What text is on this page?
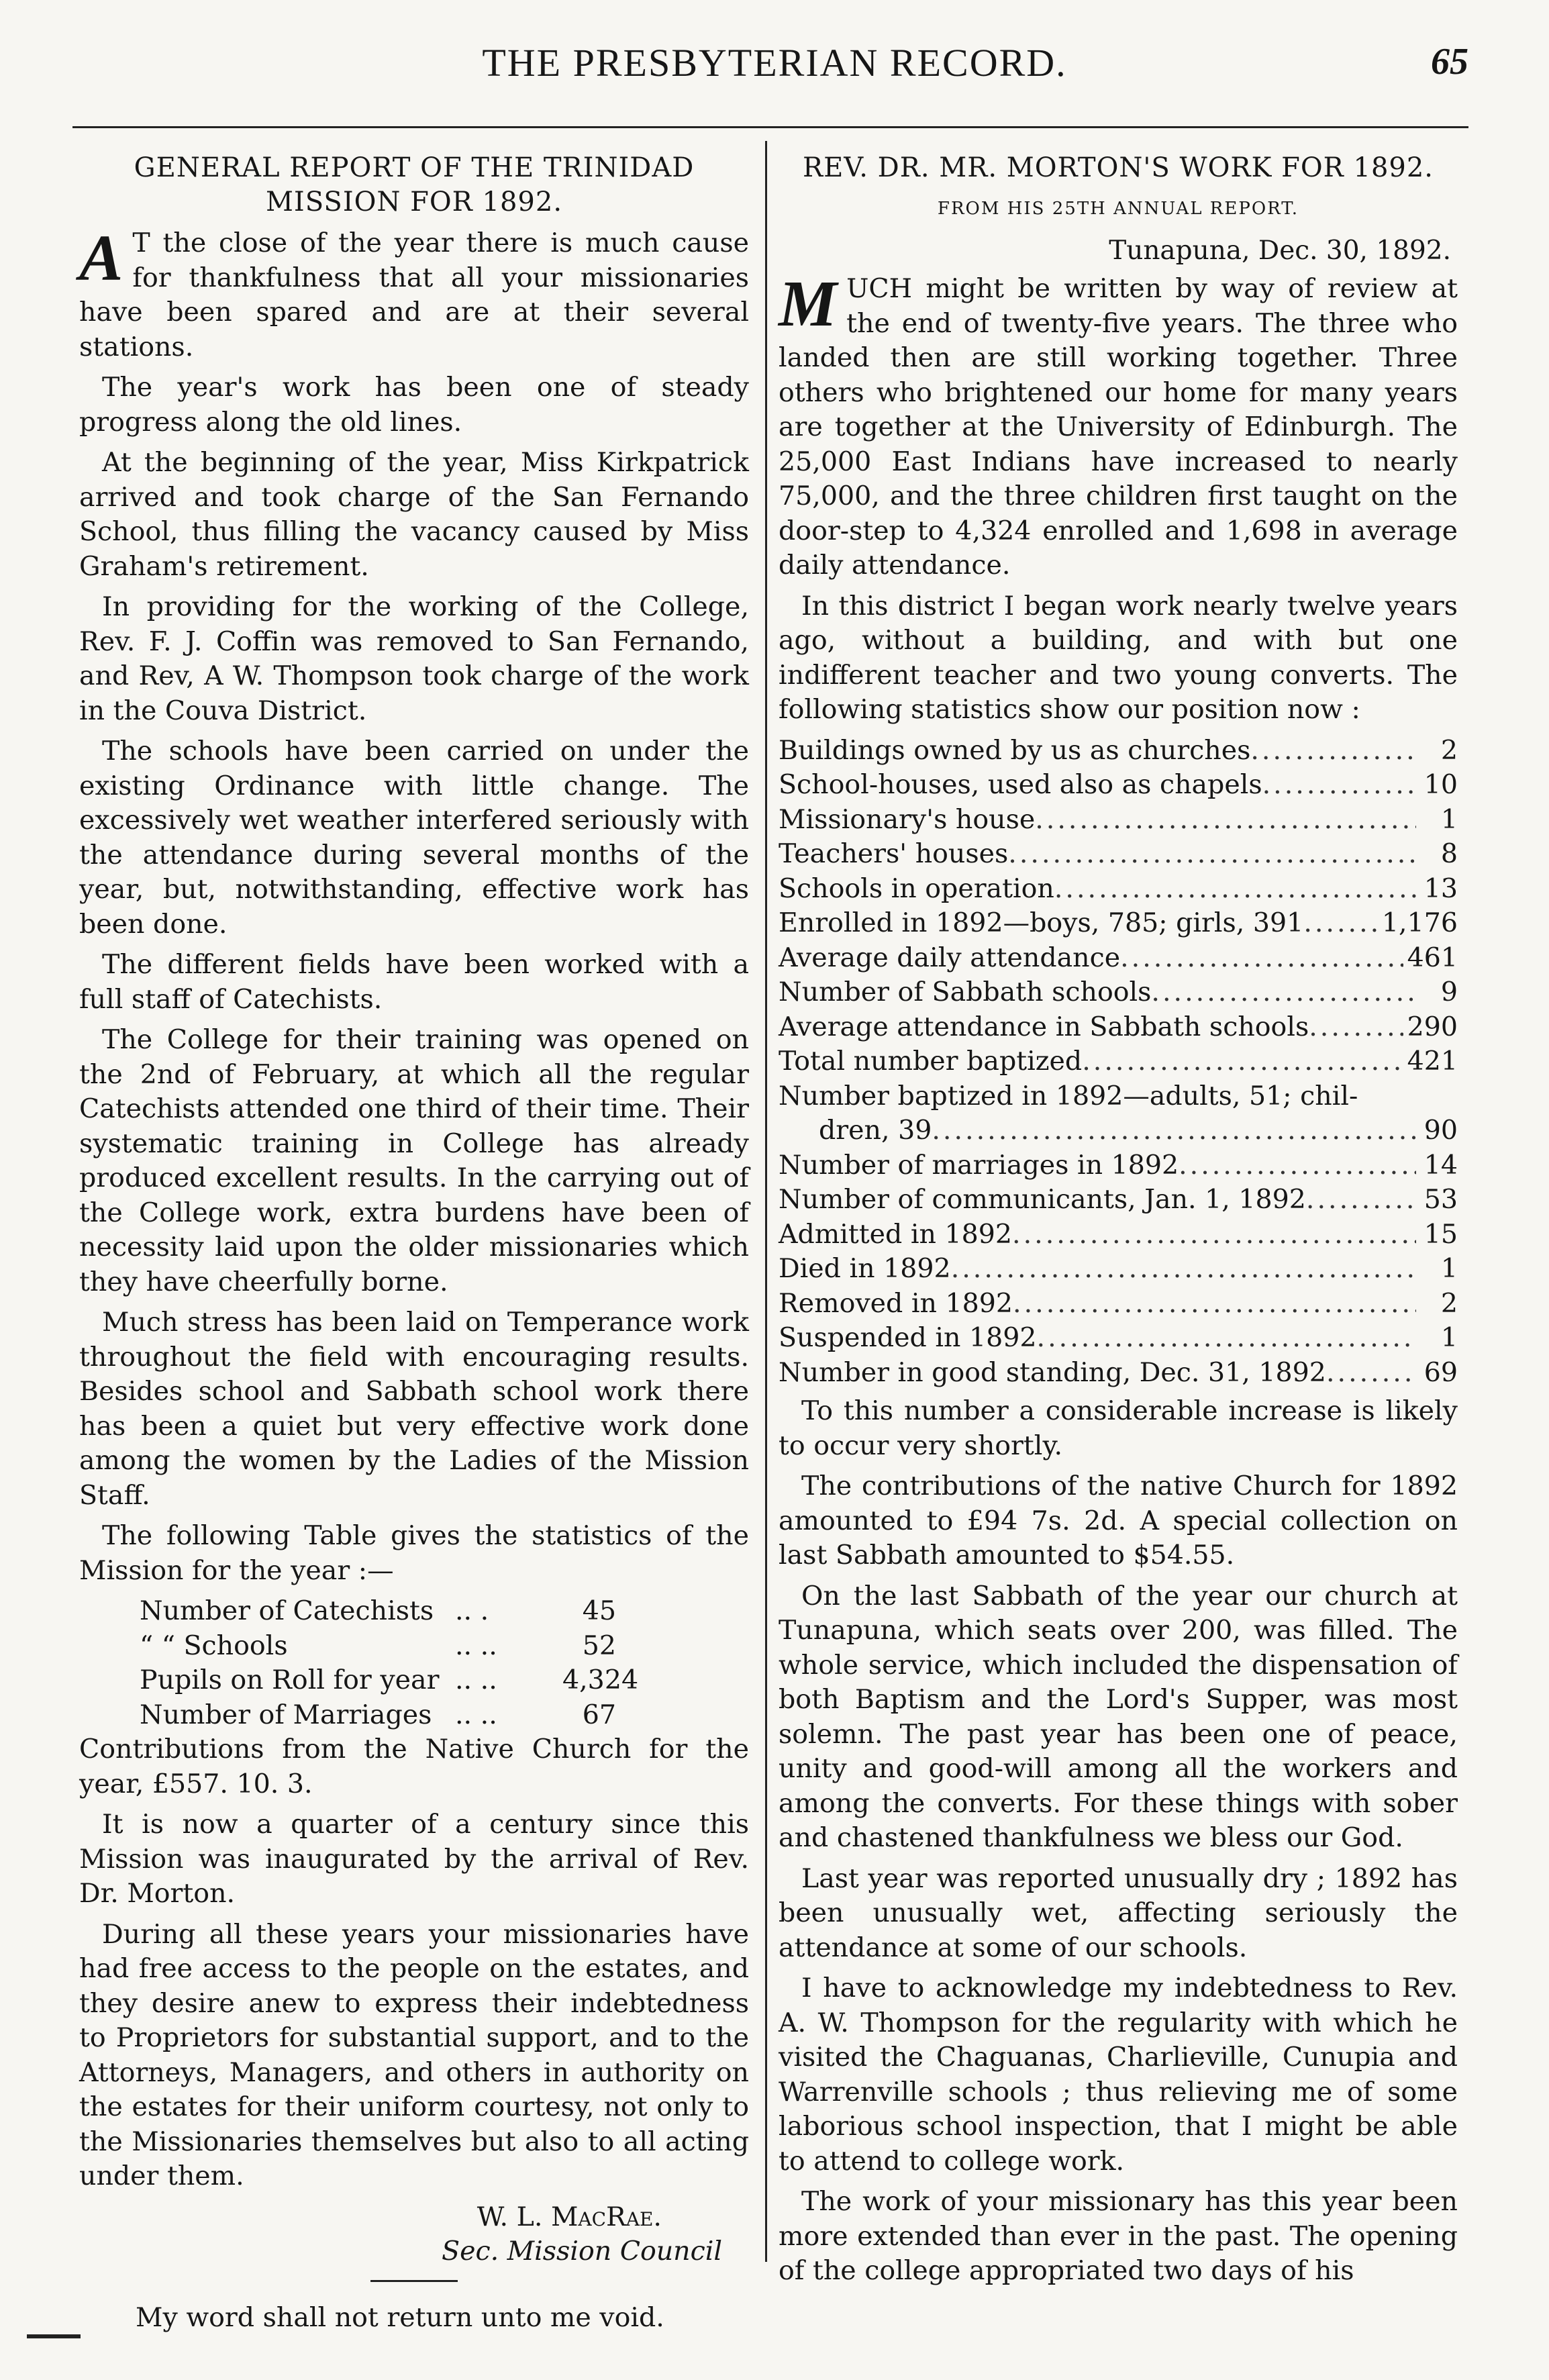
THE PRESBYTERIAN RECORD.	65
GENERAL REPORT OF THE TRINIDAD MISSION FOR 1892.

A T the close of the year there is much cause for thankfulness that all your missionaries have been spared and are at their several stations.

The year's work has been one of steady progress along the old lines.

At the beginning of the year, Miss Kirkpatrick arrived and took charge of the San Fernando School, thus filling the vacancy caused by Miss Graham's retirement.

In providing for the working of the College, Rev. F. J. Coffin was removed to San Fernando, and Rev, A W. Thompson took charge of the work in the Couva District.

The schools have been carried on under the existing Ordinance with little change. The excessively wet weather interfered seriously with the attendance during several months of the year, but, notwithstanding, effective work has been done.

The different fields have been worked with a full staff of Catechists.

The College for their training was opened on the 2nd of February, at which all the regular Catechists attended one third of their time. Their systematic training in College has already produced excellent results. In the carrying out of the College work, extra burdens have been of necessity laid upon the older missionaries which they have cheerfully borne.

Much stress has been laid on Temperance work throughout the field with encouraging results. Besides school and Sabbath school work there has been a quiet but very effective work done among the women by the Ladies of the Mission Staff.

The following Table gives the statistics of the Mission for the year :—

Number of Catechists .. .	45
“ “ Schools	.. ..	52
Pupils on Roll for year .. ..	4,324
Number of Marriages .. ..	67

Contributions from the Native Church for the year, £557. 10. 3.

It is now a quarter of a century since this Mission was inaugurated by the arrival of Rev. Dr. Morton.

During all these years your missionaries have had free access to the people on the estates, and they desire anew to express their indebtedness to Proprietors for substantial support, and to the Attorneys, Managers, and others in authority on the estates for their uniform courtesy, not only to the Missionaries themselves but also to all acting under them.

W. L. MacRae.
Sec. Mission Council

My word shall not return unto me void.

REV. DR. MR. MORTON'S WORK FOR 1892.
FROM HIS 25TH ANNUAL REPORT.
Tunapuna, Dec. 30, 1892.

MUCH might be written by way of review at the end of twenty-five years. The three who landed then are still working together. Three others who brightened our home for many years are together at the University of Edinburgh. The 25,000 East Indians have increased to nearly 75,000, and the three children first taught on the door-step to 4,324 enrolled and 1,698 in average daily attendance.

In this district I began work nearly twelve years ago, without a building, and with but one indifferent teacher and two young converts. The following statistics show our position now :

Buildings owned by us as churches .....	2
School-houses, used also as chapels .....	10
Missionary's house .....	1
Teachers' houses .....	8
Schools in operation .....	13
Enrolled in 1892—boys, 785; girls, 391 .....	1,176
Average daily attendance .....	461
Number of Sabbath schools .....	9
Average attendance in Sabbath schools .....	290
Total number baptized .....	421
Number baptized in 1892—adults, 51; chil-
dren, 39 .....	90
Number of marriages in 1892 .....	14
Number of communicants, Jan. 1, 1892 .....	53
Admitted in 1892 .....	15
Died in 1892 .....	1
Removed in 1892 .....	2
Suspended in 1892 .....	1
Number in good standing, Dec. 31, 1892 .....	69

To this number a considerable increase is likely to occur very shortly.

The contributions of the native Church for 1892 amounted to £94 7s. 2d. A special collection on last Sabbath amounted to $54.55.

On the last Sabbath of the year our church at Tunapuna, which seats over 200, was filled. The whole service, which included the dispensation of both Baptism and the Lord's Supper, was most solemn. The past year has been one of peace, unity and good-will among all the workers and among the converts. For these things with sober and chastened thankfulness we bless our God.

Last year was reported unusually dry ; 1892 has been unusually wet, affecting seriously the attendance at some of our schools.

I have to acknowledge my indebtedness to Rev. A. W. Thompson for the regularity with which he visited the Chaguanas, Charlieville, Cunupia and Warrenville schools ; thus relieving me of some laborious school inspection, that I might be able to attend to college work.

The work of your missionary has this year been more extended than ever in the past. The opening of the college appropriated two days of his
